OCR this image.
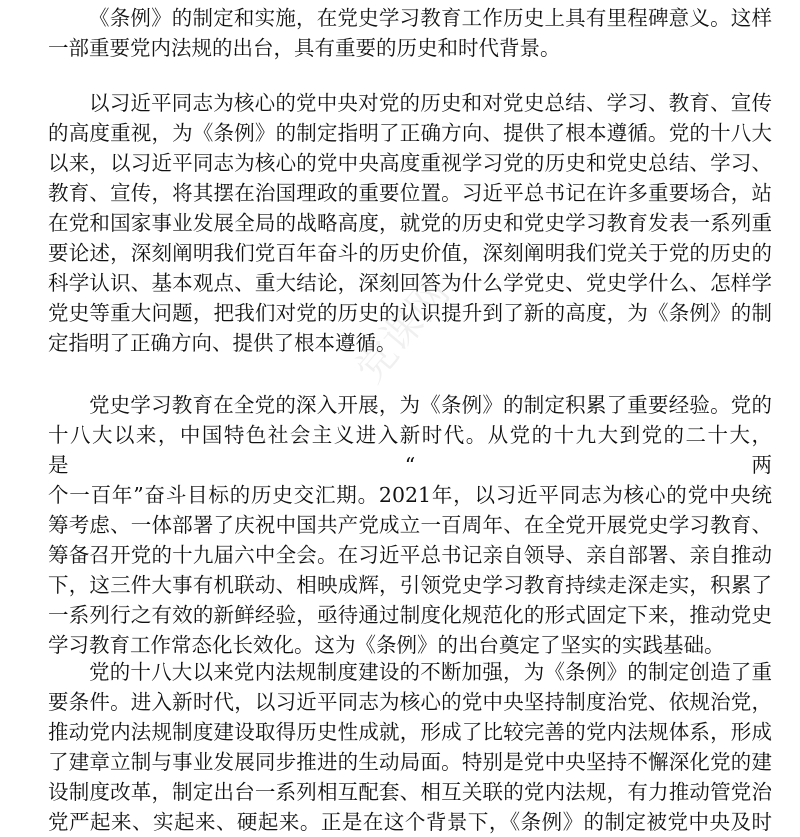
党课网
《条例》的制定和实施，在党史学习教育工作历史上具有里程碑意义。这样
一部重要党内法规的出台，具有重要的历史和时代背景。
以习近平同志为核心的党中央对党的历史和对党史总结、学习、教育、宣传
的高度重视，为《条例》的制定指明了正确方向、提供了根本遵循。党的十八大
以来，以习近平同志为核心的党中央高度重视学习党的历史和党史总结、学习、
教育、宣传，将其摆在治国理政的重要位置。习近平总书记在许多重要场合，站
在党和国家事业发展全局的战略高度，就党的历史和党史学习教育发表一系列重
要论述，深刻阐明我们党百年奋斗的历史价值，深刻阐明我们党关于党的历史的
科学认识、基本观点、重大结论，深刻回答为什么学党史、党史学什么、怎样学
党史等重大问题，把我们对党的历史的认识提升到了新的高度，为《条例》的制
定指明了正确方向、提供了根本遵循。
党史学习教育在全党的深入开展，为《条例》的制定积累了重要经验。党的
十八大以来，中国特色社会主义进入新时代。从党的十九大到党的二十大，是“两
个一百年”奋斗目标的历史交汇期。2021年，以习近平同志为核心的党中央统
筹考虑、一体部署了庆祝中国共产党成立一百周年、在全党开展党史学习教育、
筹备召开党的十九届六中全会。在习近平总书记亲自领导、亲自部署、亲自推动
下，这三件大事有机联动、相映成辉，引领党史学习教育持续走深走实，积累了
一系列行之有效的新鲜经验，亟待通过制度化规范化的形式固定下来，推动党史
学习教育工作常态化长效化。这为《条例》的出台奠定了坚实的实践基础。
党的十八大以来党内法规制度建设的不断加强，为《条例》的制定创造了重
要条件。进入新时代，以习近平同志为核心的党中央坚持制度治党、依规治党，
推动党内法规制度建设取得历史性成就，形成了比较完善的党内法规体系，形成
了建章立制与事业发展同步推进的生动局面。特别是党中央坚持不懈深化党的建
设制度改革，制定出台一系列相互配套、相互关联的党内法规，有力推动管党治
党严起来、实起来、硬起来。正是在这个背景下，《条例》的制定被党中央及时
